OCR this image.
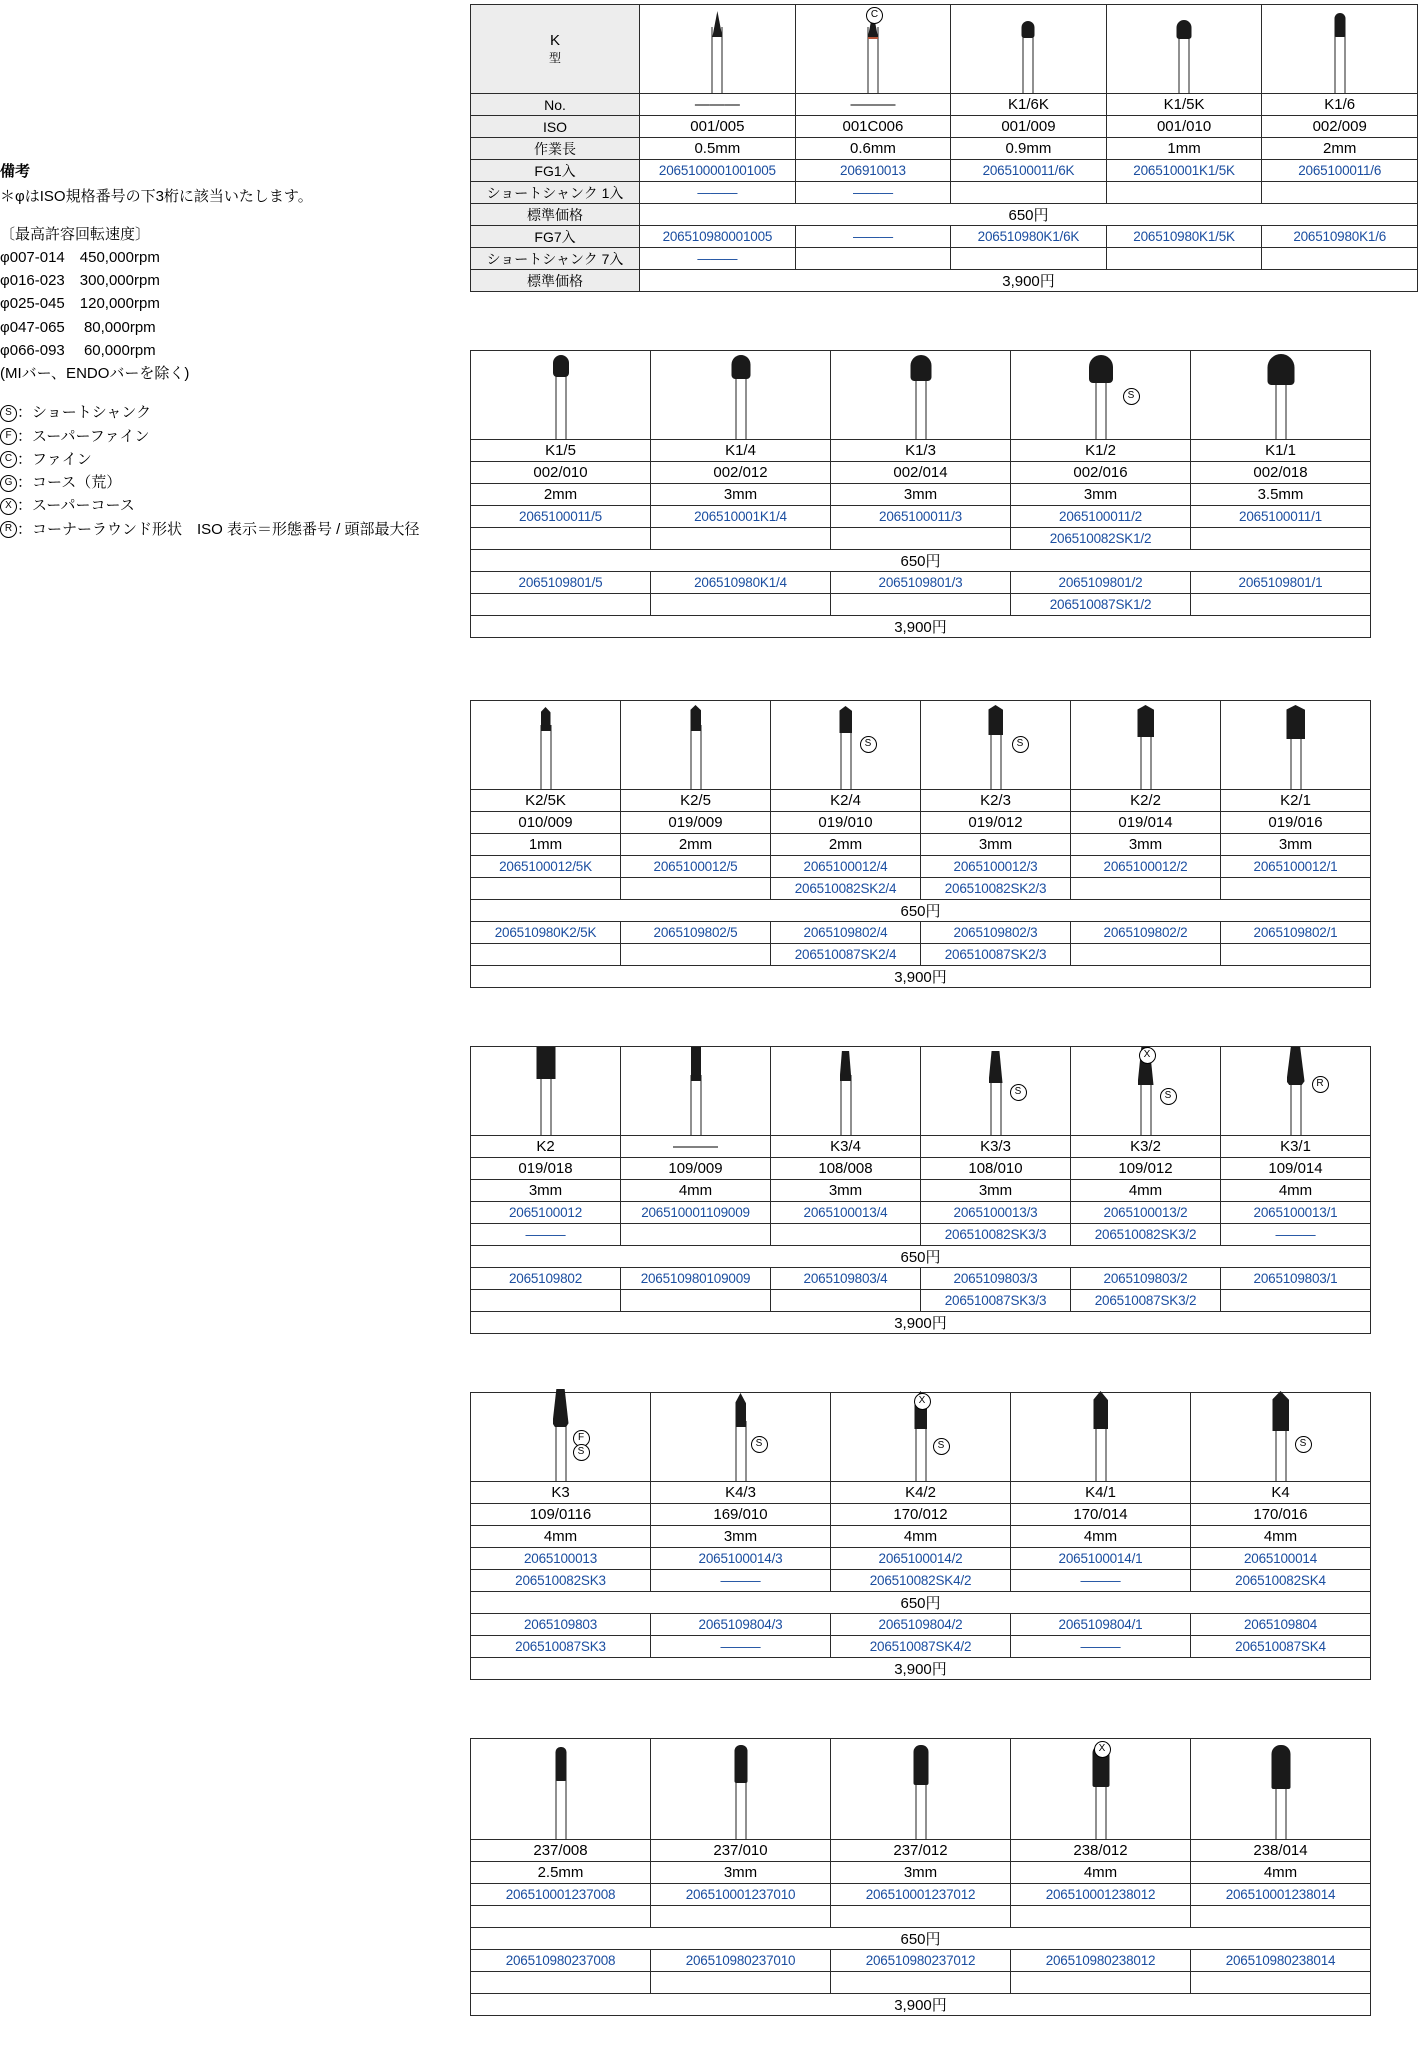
備考
＊φはISO規格番号の下3桁に該当いたします。
〔最高許容回転速度〕
φ007-014　450,000rpm
φ016-023　300,000rpm
φ025-045　120,000rpm
φ047-065　 80,000rpm
φ066-093　 60,000rpm
(MIバー、ENDOバーを除く)
S ：ショートシャンク
F ：スーパーファイン
C ：ファイン
G ：コース（荒）
X ：スーパーコース
R ：コーナーラウンド形状　ISO 表示＝形態番号 / 頭部最大径
K
型		C			

No.	———	———	K1/6K	K1/5K	K1/6
ISO	001/005	001C006	001/009	001/010	002/009
作業長	0.5mm	0.6mm	0.9mm	1mm	2mm
FG1入	2065100001001005	206910013	2065100011/6K	206510001K1/5K	2065100011/6
ショートシャンク 1入	———	———			
標準価格	650円				
FG7入	206510980001005	———	206510980K1/6K	206510980K1/5K	206510980K1/6
ショートシャンク 7入	———				
標準価格	3,900円				

			S	

K1/5	K1/4	K1/3	K1/2	K1/1
002/010	002/012	002/014	002/016	002/018
2mm	3mm	3mm	3mm	3.5mm
2065100011/5	206510001K1/4	2065100011/3	2065100011/2	2065100011/1
			206510082SK1/2	
650円				
2065109801/5	206510980K1/4	2065109801/3	2065109801/2	2065109801/1
			206510087SK1/2	
3,900円				

		S	S		

K2/5K	K2/5	K2/4	K2/3	K2/2	K2/1
010/009	019/009	019/010	019/012	019/014	019/016
1mm	2mm	2mm	3mm	3mm	3mm
2065100012/5K	2065100012/5	2065100012/4	2065100012/3	2065100012/2	2065100012/1
		206510082SK2/4	206510082SK2/3		
650円					
206510980K2/5K	2065109802/5	2065109802/4	2065109802/3	2065109802/2	2065109802/1
		206510087SK2/4	206510087SK2/3		
3,900円					

			S	X
S	R

K2	———	K3/4	K3/3	K3/2	K3/1
019/018	109/009	108/008	108/010	109/012	109/014
3mm	4mm	3mm	3mm	4mm	4mm
2065100012	206510001109009	2065100013/4	2065100013/3	2065100013/2	2065100013/1
———			206510082SK3/3	206510082SK3/2	———
650円					
2065109802	206510980109009	2065109803/4	2065109803/3	2065109803/2	2065109803/1
			206510087SK3/3	206510087SK3/2	
3,900円					
F
S

S

X
S		S

K3	K4/3	K4/2	K4/1	K4
109/0116	169/010	170/012	170/014	170/016
4mm	3mm	4mm	4mm	4mm
2065100013	2065100014/3	2065100014/2	2065100014/1	2065100014
206510082SK3	———	206510082SK4/2	———	206510082SK4
650円				
2065109803	2065109804/3	2065109804/2	2065109804/1	2065109804
206510087SK3	———	206510087SK4/2	———	206510087SK4
3,900円				

			X	

237/008	237/010	237/012	238/012	238/014
2.5mm	3mm	3mm	4mm	4mm
206510001237008	206510001237010	206510001237012	206510001238012	206510001238014

650円				
206510980237008	206510980237010	206510980237012	206510980238012	206510980238014

3,900円				
